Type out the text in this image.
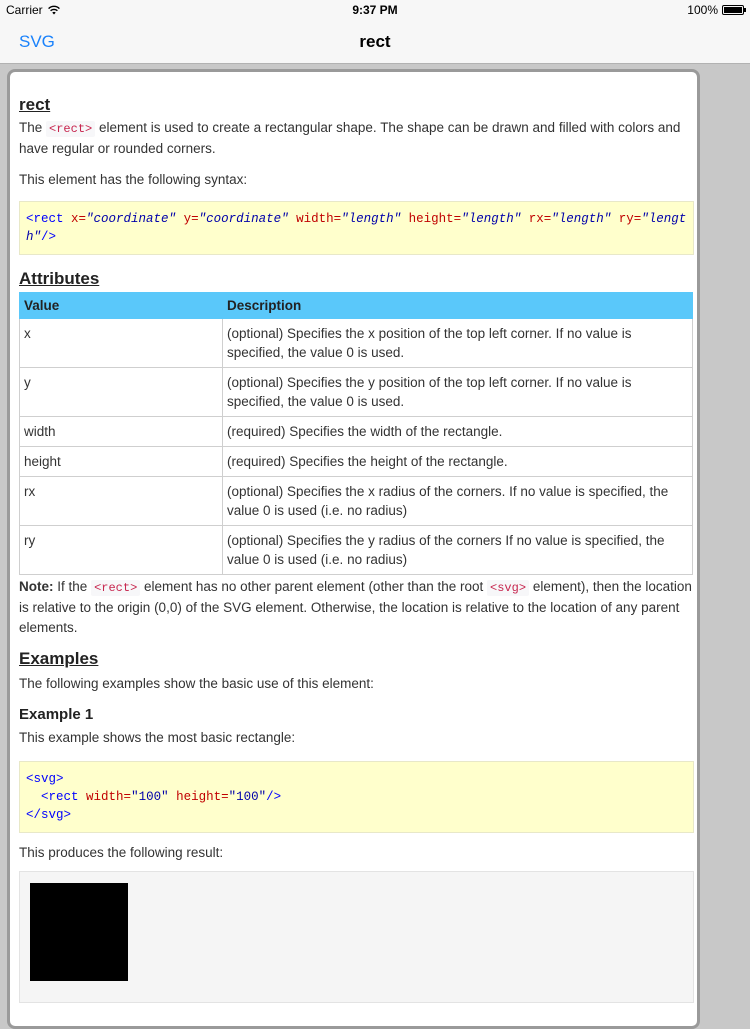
Carrier	9:37 PM	100%
SVG	rect
rect

The <rect> element is used to create a rectangular shape. The shape can be drawn and filled with colors and have regular or rounded corners.

This element has the following syntax:

<rect x="coordinate" y="coordinate" width="length" height="length" rx="length" ry="length"/>
Attributes
Value	Description
x	(optional) Specifies the x position of the top left corner. If no value is specified, the value 0 is used.
y	(optional) Specifies the y position of the top left corner. If no value is specified, the value 0 is used.
width	(required) Specifies the width of the rectangle.
height	(required) Specifies the height of the rectangle.
rx	(optional) Specifies the x radius of the corners. If no value is specified, the value 0 is used (i.e. no radius)
ry	(optional) Specifies the y radius of the corners If no value is specified, the value 0 is used (i.e. no radius)

Note: If the <rect> element has no other parent element (other than the root <svg> element), then the location is relative to the origin (0,0) of the SVG element. Otherwise, the location is relative to the location of any parent elements.

Examples

The following examples show the basic use of this element:

Example 1

This example shows the most basic rectangle:

<svg>
<rect width="100" height="100"/>
</svg>

This produces the following result:
